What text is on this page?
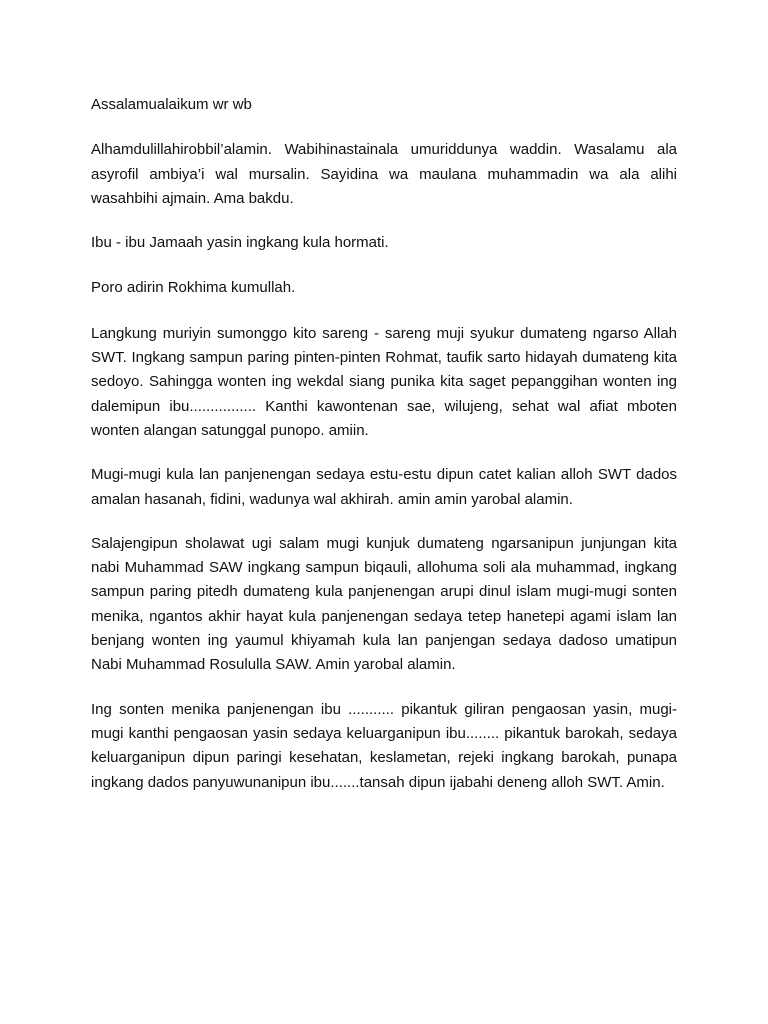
Assalamualaikum wr wb

Alhamdulillahirobbil’alamin. Wabihinastainala umuriddunya waddin. Wasalamu ala asyrofil ambiya’i wal mursalin. Sayidina wa maulana muhammadin wa ala alihi wasahbihi ajmain. Ama bakdu.

Ibu - ibu Jamaah yasin ingkang kula hormati.

Poro adirin Rokhima kumullah.

Langkung muriyin sumonggo kito sareng - sareng muji syukur dumateng ngarso Allah SWT. Ingkang sampun paring pinten-pinten Rohmat, taufik sarto hidayah dumateng kita sedoyo. Sahingga wonten ing wekdal siang punika kita saget pepanggihan wonten ing dalemipun ibu................ Kanthi kawontenan sae, wilujeng, sehat wal afiat mboten wonten alangan satunggal punopo. amiin.

Mugi-mugi kula lan panjenengan sedaya estu-estu dipun catet kalian alloh SWT dados amalan hasanah, fidini, wadunya wal akhirah. amin amin yarobal alamin.

Salajengipun sholawat ugi salam mugi kunjuk dumateng ngarsanipun junjungan kita nabi Muhammad SAW ingkang sampun biqauli, allohuma soli ala muhammad, ingkang sampun paring pitedh dumateng kula panjenengan arupi dinul islam mugi-mugi sonten menika, ngantos akhir hayat kula panjenengan sedaya tetep hanetepi agami islam lan benjang wonten ing yaumul khiyamah kula lan panjengan sedaya dadoso umatipun Nabi Muhammad Rosululla SAW. Amin yarobal alamin.

Ing sonten menika panjenengan ibu ........... pikantuk giliran pengaosan yasin, mugi-mugi kanthi pengaosan yasin sedaya keluarganipun ibu........ pikantuk barokah, sedaya keluarganipun dipun paringi kesehatan, keslametan, rejeki ingkang barokah, punapa ingkang dados panyuwunanipun ibu.......tansah dipun ijabahi deneng alloh SWT. Amin.
